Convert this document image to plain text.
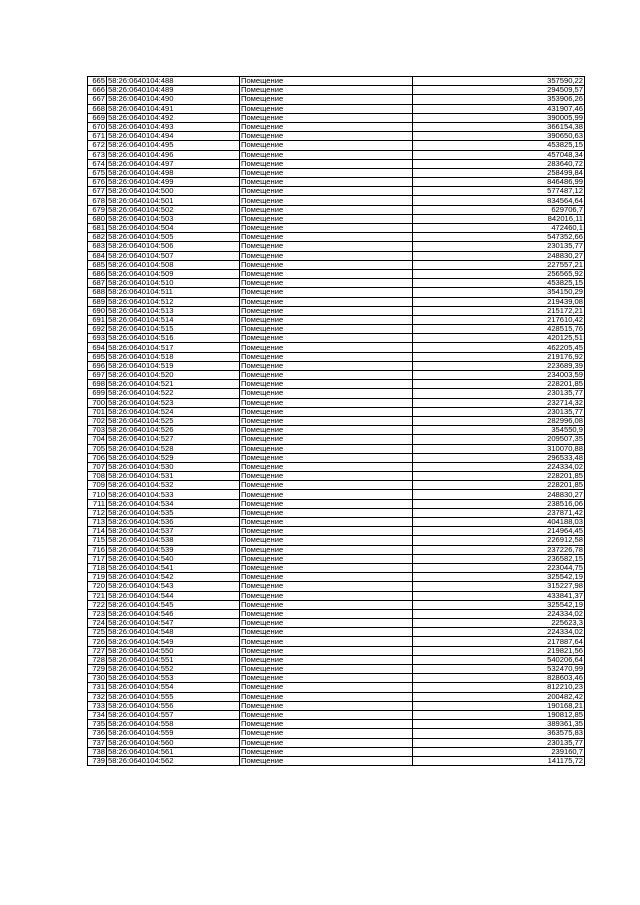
665	58:26:0640104:488	Помещение	357590,22
666	58:26:0640104:489	Помещение	294509,57
667	58:26:0640104:490	Помещение	353906,26
668	58:26:0640104:491	Помещение	431907,46
669	58:26:0640104:492	Помещение	390005,99
670	58:26:0640104:493	Помещение	366154,38
671	58:26:0640104:494	Помещение	390650,63
672	58:26:0640104:495	Помещение	453825,15
673	58:26:0640104:496	Помещение	457048,34
674	58:26:0640104:497	Помещение	283640,72
675	58:26:0640104:498	Помещение	258499,84
676	58:26:0640104:499	Помещение	846486,99
677	58:26:0640104:500	Помещение	577487,12
678	58:26:0640104:501	Помещение	834564,64
679	58:26:0640104:502	Помещение	629706,7
680	58:26:0640104:503	Помещение	842016,11
681	58:26:0640104:504	Помещение	472460,1
682	58:26:0640104:505	Помещение	547352,66
683	58:26:0640104:506	Помещение	230135,77
684	58:26:0640104:507	Помещение	248830,27
685	58:26:0640104:508	Помещение	227557,21
686	58:26:0640104:509	Помещение	256565,92
687	58:26:0640104:510	Помещение	453825,15
688	58:26:0640104:511	Помещение	354150,29
689	58:26:0640104:512	Помещение	219439,08
690	58:26:0640104:513	Помещение	215172,21
691	58:26:0640104:514	Помещение	217610,42
692	58:26:0640104:515	Помещение	428515,76
693	58:26:0640104:516	Помещение	420125,51
694	58:26:0640104:517	Помещение	462205,45
695	58:26:0640104:518	Помещение	219176,92
696	58:26:0640104:519	Помещение	223689,39
697	58:26:0640104:520	Помещение	234003,59
698	58:26:0640104:521	Помещение	228201,85
699	58:26:0640104:522	Помещение	230135,77
700	58:26:0640104:523	Помещение	232714,32
701	58:26:0640104:524	Помещение	230135,77
702	58:26:0640104:525	Помещение	282996,08
703	58:26:0640104:526	Помещение	354550,9
704	58:26:0640104:527	Помещение	209507,35
705	58:26:0640104:528	Помещение	310070,88
706	58:26:0640104:529	Помещение	296533,48
707	58:26:0640104:530	Помещение	224334,02
708	58:26:0640104:531	Помещение	228201,85
709	58:26:0640104:532	Помещение	228201,85
710	58:26:0640104:533	Помещение	248830,27
711	58:26:0640104:534	Помещение	238516,06
712	58:26:0640104:535	Помещение	237871,42
713	58:26:0640104:536	Помещение	404188,03
714	58:26:0640104:537	Помещение	214964,45
715	58:26:0640104:538	Помещение	226912,58
716	58:26:0640104:539	Помещение	237226,78
717	58:26:0640104:540	Помещение	236582,15
718	58:26:0640104:541	Помещение	223044,75
719	58:26:0640104:542	Помещение	325542,19
720	58:26:0640104:543	Помещение	315227,98
721	58:26:0640104:544	Помещение	433841,37
722	58:26:0640104:545	Помещение	325542,19
723	58:26:0640104:546	Помещение	224334,02
724	58:26:0640104:547	Помещение	225623,3
725	58:26:0640104:548	Помещение	224334,02
726	58:26:0640104:549	Помещение	217887,64
727	58:26:0640104:550	Помещение	219821,56
728	58:26:0640104:551	Помещение	540206,64
729	58:26:0640104:552	Помещение	532470,99
730	58:26:0640104:553	Помещение	828603,46
731	58:26:0640104:554	Помещение	812210,23
732	58:26:0640104:555	Помещение	200482,42
733	58:26:0640104:556	Помещение	190168,21
734	58:26:0640104:557	Помещение	190812,85
735	58:26:0640104:558	Помещение	389361,35
736	58:26:0640104:559	Помещение	363575,83
737	58:26:0640104:560	Помещение	230135,77
738	58:26:0640104:561	Помещение	239160,7
739	58:26:0640104:562	Помещение	141175,72
